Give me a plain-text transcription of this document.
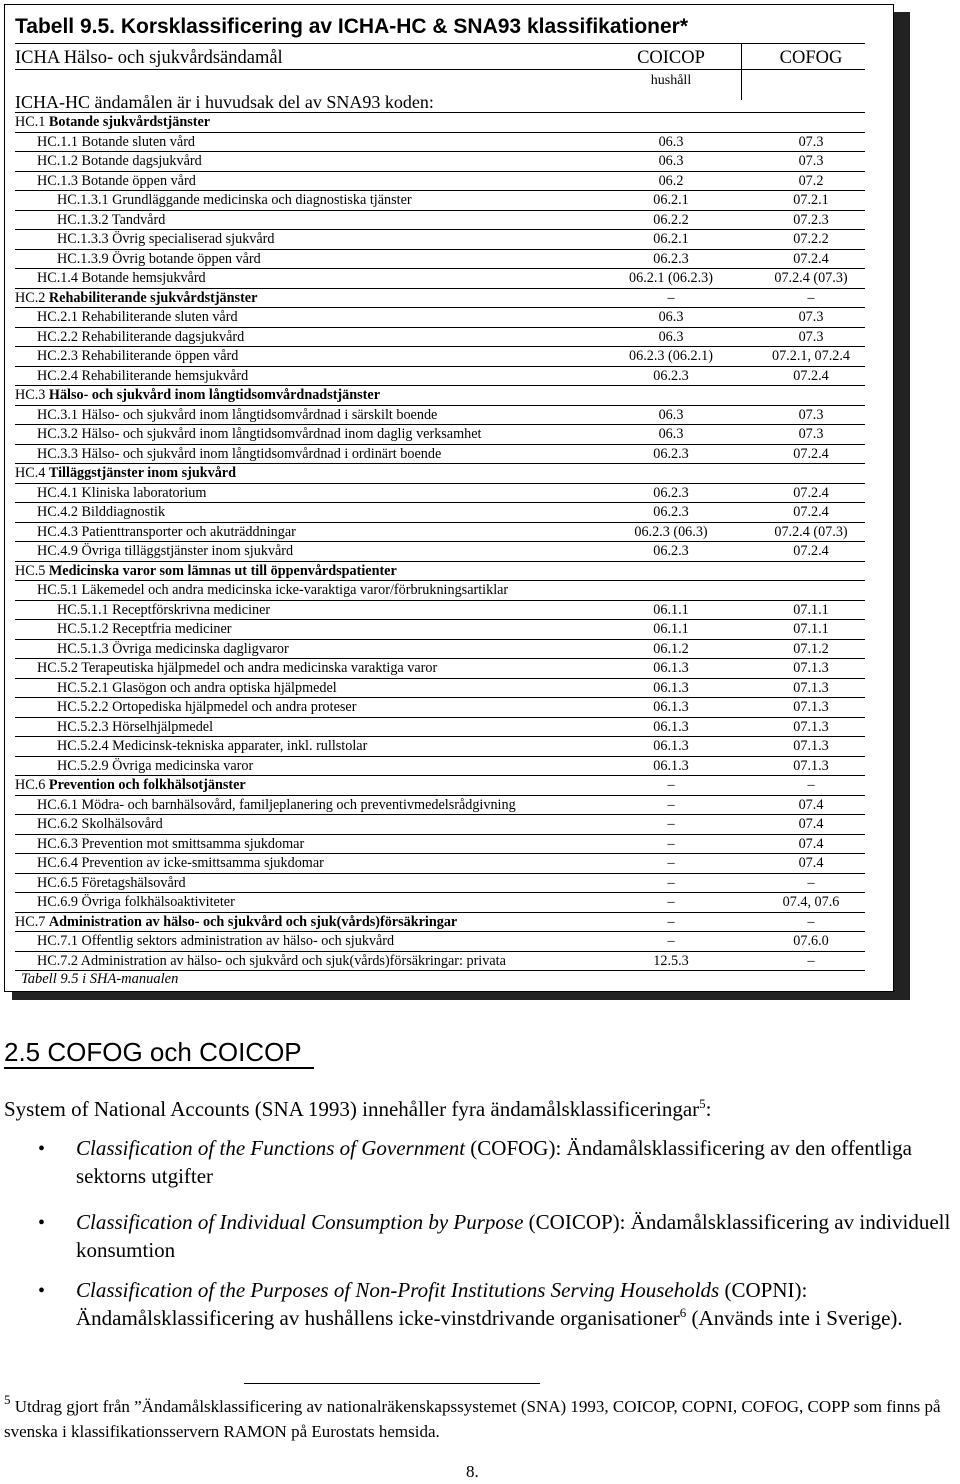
Tabell 9.5. Korsklassificering av ICHA-HC & SNA93 klassifikationer*
ICHA Hälso- och sjukvårdsändamål	COICOP	COFOG
hushåll
ICHA-HC ändamålen är i huvudsak del av SNA93 koden:
HC.1 Botande sjukvårdstjänster
HC.1.1 Botande sluten vård	06.3	07.3
HC.1.2 Botande dagsjukvård	06.3	07.3
HC.1.3 Botande öppen vård	06.2	07.2
HC.1.3.1 Grundläggande medicinska och diagnostiska tjänster	06.2.1	07.2.1
HC.1.3.2 Tandvård	06.2.2	07.2.3
HC.1.3.3 Övrig specialiserad sjukvård	06.2.1	07.2.2
HC.1.3.9 Övrig botande öppen vård	06.2.3	07.2.4
HC.1.4 Botande hemsjukvård	06.2.1 (06.2.3)	07.2.4 (07.3)
HC.2 Rehabiliterande sjukvårdstjänster	–	–
HC.2.1 Rehabiliterande sluten vård	06.3	07.3
HC.2.2 Rehabiliterande dagsjukvård	06.3	07.3
HC.2.3 Rehabiliterande öppen vård	06.2.3 (06.2.1)	07.2.1, 07.2.4
HC.2.4 Rehabiliterande hemsjukvård	06.2.3	07.2.4
HC.3 Hälso- och sjukvård inom långtidsomvårdnadstjänster
HC.3.1 Hälso- och sjukvård inom långtidsomvårdnad i särskilt boende	06.3	07.3
HC.3.2 Hälso- och sjukvård inom långtidsomvårdnad inom daglig verksamhet	06.3	07.3
HC.3.3 Hälso- och sjukvård inom långtidsomvårdnad i ordinärt boende	06.2.3	07.2.4
HC.4 Tilläggstjänster inom sjukvård
HC.4.1 Kliniska laboratorium	06.2.3	07.2.4
HC.4.2 Bilddiagnostik	06.2.3	07.2.4
HC.4.3 Patienttransporter och akuträddningar	06.2.3 (06.3)	07.2.4 (07.3)
HC.4.9 Övriga tilläggstjänster inom sjukvård	06.2.3	07.2.4
HC.5 Medicinska varor som lämnas ut till öppenvårdspatienter
HC.5.1 Läkemedel och andra medicinska icke-varaktiga varor/förbrukningsartiklar
HC.5.1.1 Receptförskrivna mediciner	06.1.1	07.1.1
HC.5.1.2 Receptfria mediciner	06.1.1	07.1.1
HC.5.1.3 Övriga medicinska dagligvaror	06.1.2	07.1.2
HC.5.2 Terapeutiska hjälpmedel och andra medicinska varaktiga varor	06.1.3	07.1.3
HC.5.2.1 Glasögon och andra optiska hjälpmedel	06.1.3	07.1.3
HC.5.2.2 Ortopediska hjälpmedel och andra proteser	06.1.3	07.1.3
HC.5.2.3 Hörselhjälpmedel	06.1.3	07.1.3
HC.5.2.4 Medicinsk-tekniska apparater, inkl. rullstolar	06.1.3	07.1.3
HC.5.2.9 Övriga medicinska varor	06.1.3	07.1.3
HC.6 Prevention och folkhälsotjänster	–	–
HC.6.1 Mödra- och barnhälsovård, familjeplanering och preventivmedelsrådgivning	–	07.4
HC.6.2 Skolhälsovård	–	07.4
HC.6.3 Prevention mot smittsamma sjukdomar	–	07.4
HC.6.4 Prevention av icke-smittsamma sjukdomar	–	07.4
HC.6.5 Företagshälsovård	–	–
HC.6.9 Övriga folkhälsoaktiviteter	–	07.4, 07.6
HC.7 Administration av hälso- och sjukvård och sjuk(vårds)försäkringar	–	–
HC.7.1 Offentlig sektors administration av hälso- och sjukvård	–	07.6.0
HC.7.2 Administration av hälso- och sjukvård och sjuk(vårds)försäkringar: privata	12.5.3	–
Tabell 9.5 i SHA-manualen
2.5 COFOG och COICOP
System of National Accounts (SNA 1993) innehåller fyra ändamålsklassificeringar$^5$:
• Classification of the Functions of Government (COFOG): Ändamålsklassificering av den offentliga sektorns utgifter
• Classification of Individual Consumption by Purpose (COICOP): Ändamålsklassificering av individuell konsumtion
• Classification of the Purposes of Non-Profit Institutions Serving Households (COPNI): Ändamålsklassificering av hushållens icke-vinstdrivande organisationer$^6$ (Används inte i Sverige).
$^5$ Utdrag gjort från ”Ändamålsklassificering av nationalräkenskapssystemet (SNA) 1993, COICOP, COPNI, COFOG, COPP som finns på svenska i klassifikationsservern RAMON på Eurostats hemsida.
8.
